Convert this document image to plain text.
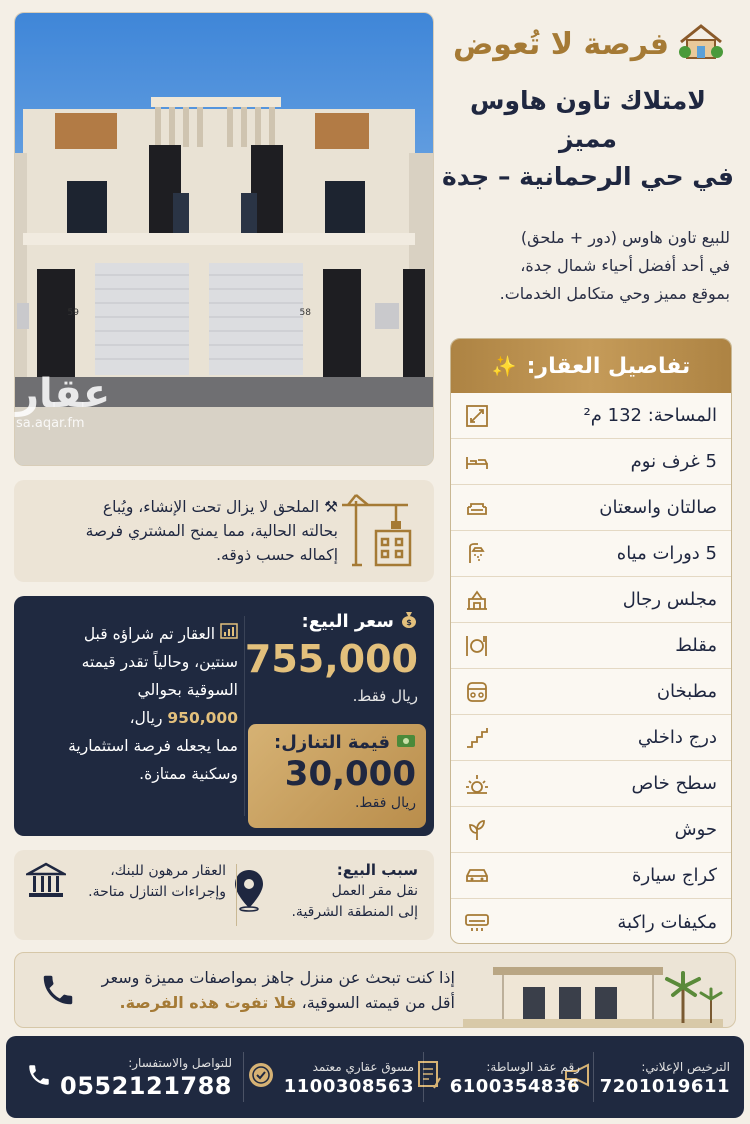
59	58
عقار
sa.aqar.fm
فرصة لا تُعوض
لامتلاك تاون هاوس مميز
في حي الرحمانية – جدة
للبيع تاون هاوس (دور + ملحق)
في أحد أفضل أحياء شمال جدة،
بموقع مميز وحي متكامل الخدمات.
تفاصيل العقار:
✨
المساحة: 132 م²
5 غرف نوم
صالتان واسعتان
5 دورات مياه
مجلس رجال
مقلط
مطبخان
درج داخلي
سطح خاص
حوش
كراج سيارة
مكيفات راكبة
⚒ الملحق لا يزال تحت الإنشاء، ويُباع
بحالته الحالية، مما يمنح المشتري فرصة
إكماله حسب ذوقه.
$
سعر البيع:
755,000
ريال فقط.
قيمة التنازل:
30,000
ريال فقط.
العقار تم شراؤه قبل
سنتين، وحالياً تقدر قيمته
السوقية بحوالي
950,000 ريال،
مما يجعله فرصة استثمارية
وسكنية ممتازة.
سبب البيع:
نقل مقر العمل
إلى المنطقة الشرقية.
العقار مرهون للبنك،
وإجراءات التنازل متاحة.
إذا كنت تبحث عن منزل جاهز بمواصفات مميزة وسعر
أقل من قيمته السوقية، فلا تفوت هذه الفرصة.
الترخيص الإعلاني:
7201019611
رقم عقد الوساطة:
6100354836
مسوق عقاري معتمد
1100308563
للتواصل والاستفسار:
0552121788
